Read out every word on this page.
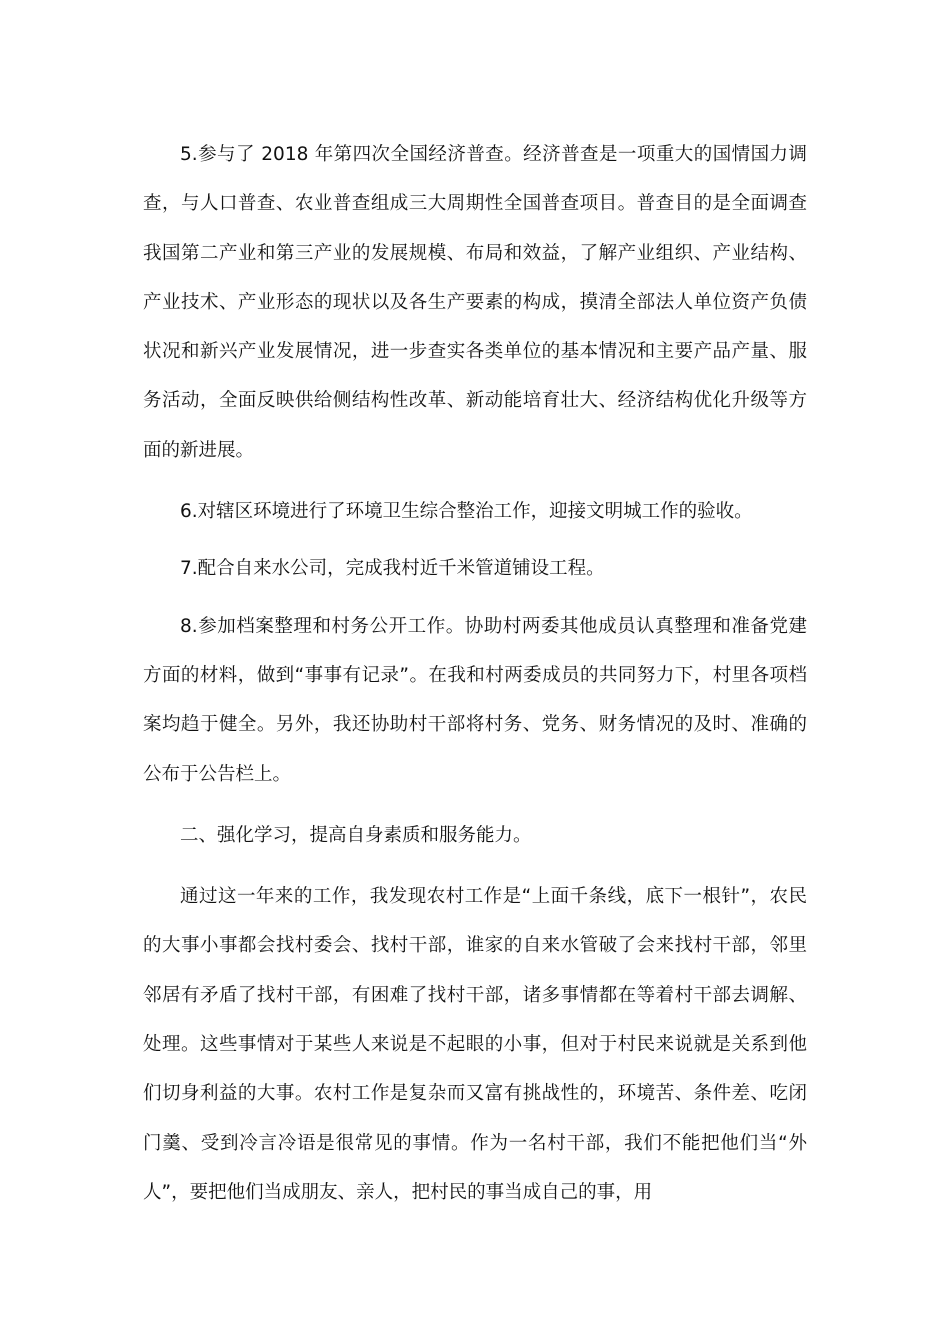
5.参与了 2018 年第四次全国经济普查。经济普查是一项重大的国情国力调查，与人口普查、农业普查组成三大周期性全国普查项目。普查目的是全面调查我国第二产业和第三产业的发展规模、布局和效益，了解产业组织、产业结构、产业技术、产业形态的现状以及各生产要素的构成，摸清全部法人单位资产负债状况和新兴产业发展情况，进一步查实各类单位的基本情况和主要产品产量、服务活动，全面反映供给侧结构性改革、新动能培育壮大、经济结构优化升级等方面的新进展。

6.对辖区环境进行了环境卫生综合整治工作，迎接文明城工作的验收。

7.配合自来水公司，完成我村近千米管道铺设工程。

8.参加档案整理和村务公开工作。协助村两委其他成员认真整理和准备党建方面的材料，做到“事事有记录”。在我和村两委成员的共同努力下，村里各项档案均趋于健全。另外，我还协助村干部将村务、党务、财务情况的及时、准确的公布于公告栏上。

二、强化学习，提高自身素质和服务能力。

通过这一年来的工作，我发现农村工作是“上面千条线，底下一根针”，农民的大事小事都会找村委会、找村干部，谁家的自来水管破了会来找村干部，邻里邻居有矛盾了找村干部，有困难了找村干部，诸多事情都在等着村干部去调解、处理。这些事情对于某些人来说是不起眼的小事，但对于村民来说就是关系到他们切身利益的大事。农村工作是复杂而又富有挑战性的，环境苦、条件差、吃闭门羹、受到冷言冷语是很常见的事情。作为一名村干部，我们不能把他们当“外人”，要把他们当成朋友、亲人，把村民的事当成自己的事，用
